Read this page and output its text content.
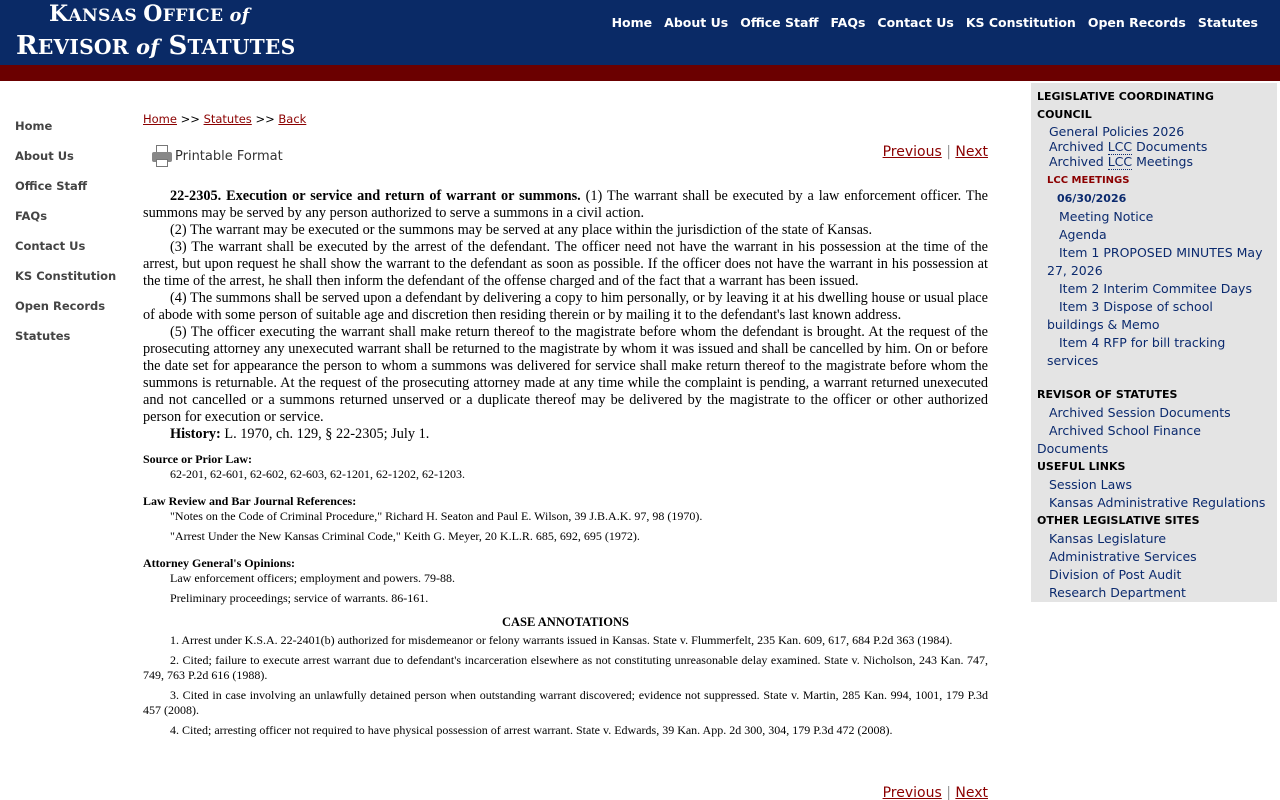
KANSAS OFFICE of
REVISOR of STATUTES
Home About Us Office Staff FAQs Contact Us KS Constitution Open Records Statutes
Home
About Us
Office Staff
FAQs
Contact Us
KS Constitution
Open Records
Statutes
Home >> Statutes >> Back
Printable Format	Previous | Next

22-2305. Execution or service and return of warrant or summons. (1) The warrant shall be executed by a law enforcement officer. The summons may be served by any person authorized to serve a summons in a civil action.

(2) The warrant may be executed or the summons may be served at any place within the jurisdiction of the state of Kansas.

(3) The warrant shall be executed by the arrest of the defendant. The officer need not have the warrant in his possession at the time of the arrest, but upon request he shall show the warrant to the defendant as soon as possible. If the officer does not have the warrant in his possession at the time of the arrest, he shall then inform the defendant of the offense charged and of the fact that a warrant has been issued.

(4) The summons shall be served upon a defendant by delivering a copy to him personally, or by leaving it at his dwelling house or usual place of abode with some person of suitable age and discretion then residing therein or by mailing it to the defendant's last known address.

(5) The officer executing the warrant shall make return thereof to the magistrate before whom the defendant is brought. At the request of the prosecuting attorney any unexecuted warrant shall be returned to the magistrate by whom it was issued and shall be cancelled by him. On or before the date set for appearance the person to whom a summons was delivered for service shall make return thereof to the magistrate before whom the summons is returnable. At the request of the prosecuting attorney made at any time while the complaint is pending, a warrant returned unexecuted and not cancelled or a summons returned unserved or a duplicate thereof may be delivered by the magistrate to the officer or other authorized person for execution or service.

History: L. 1970, ch. 129, § 22-2305; July 1.
Source or Prior Law:
62-201, 62-601, 62-602, 62-603, 62-1201, 62-1202, 62-1203.
Law Review and Bar Journal References:
"Notes on the Code of Criminal Procedure," Richard H. Seaton and Paul E. Wilson, 39 J.B.A.K. 97, 98 (1970).
"Arrest Under the New Kansas Criminal Code," Keith G. Meyer, 20 K.L.R. 685, 692, 695 (1972).
Attorney General's Opinions:
Law enforcement officers; employment and powers. 79-88.
Preliminary proceedings; service of warrants. 86-161.
CASE ANNOTATIONS
1. Arrest under K.S.A. 22-2401(b) authorized for misdemeanor or felony warrants issued in Kansas. State v. Flummerfelt, 235 Kan. 609, 617, 684 P.2d 363 (1984).
2. Cited; failure to execute arrest warrant due to defendant's incarceration elsewhere as not constituting unreasonable delay examined. State v. Nicholson, 243 Kan. 747, 749, 763 P.2d 616 (1988).
3. Cited in case involving an unlawfully detained person when outstanding warrant discovered; evidence not suppressed. State v. Martin, 285 Kan. 994, 1001, 179 P.3d 457 (2008).
4. Cited; arresting officer not required to have physical possession of arrest warrant. State v. Edwards, 39 Kan. App. 2d 300, 304, 179 P.3d 472 (2008).
Previous | Next
LEGISLATIVE COORDINATING COUNCIL
General Policies 2026
Archived LCC Documents
Archived LCC Meetings
LCC MEETINGS
06/30/2026
Meeting Notice
Agenda
Item 1 PROPOSED MINUTES May 27, 2026
Item 2 Interim Commitee Days
Item 3 Dispose of school buildings & Memo
Item 4 RFP for bill tracking services
REVISOR OF STATUTES
Archived Session Documents
Archived School Finance Documents
USEFUL LINKS
Session Laws
Kansas Administrative Regulations
OTHER LEGISLATIVE SITES
Kansas Legislature
Administrative Services
Division of Post Audit
Research Department
